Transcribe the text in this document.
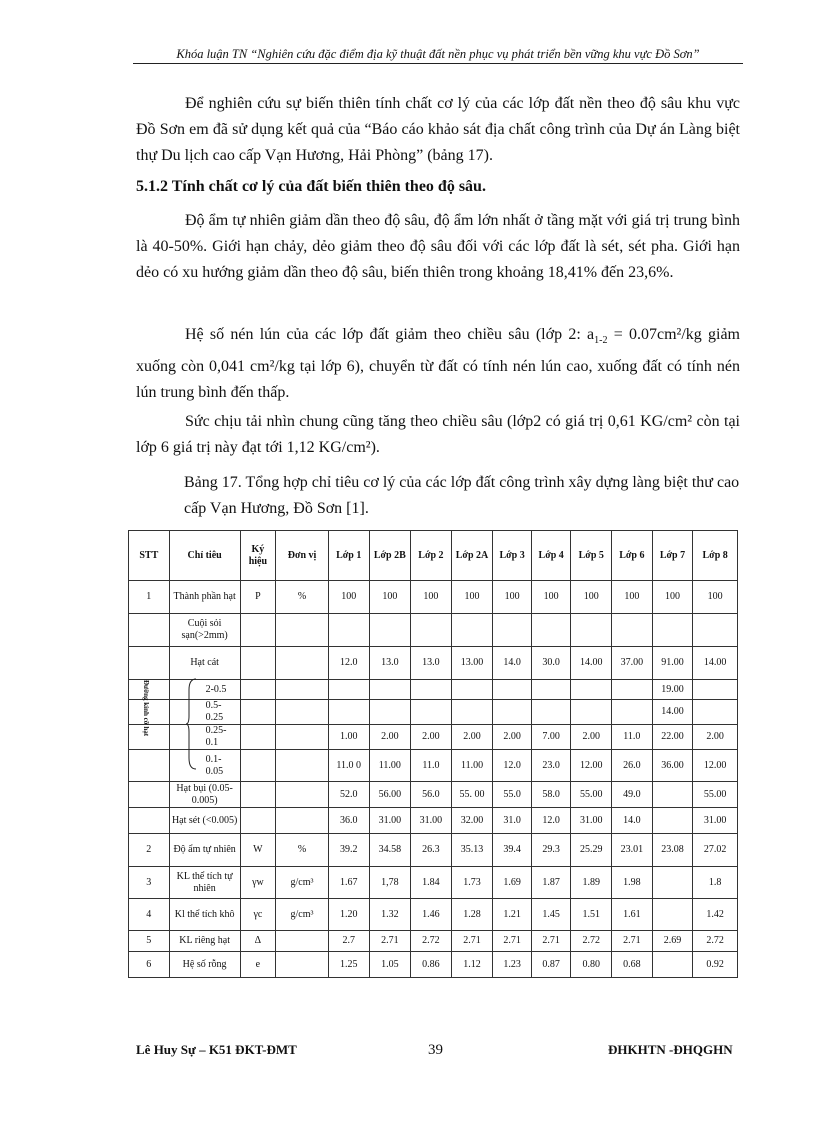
Khóa luận TN “Nghiên cứu đặc điểm địa kỹ thuật đất nền phục vụ phát triển bền vững khu vực Đồ Sơn”

Để nghiên cứu sự biến thiên tính chất cơ lý của các lớp đất nền theo độ sâu khu vực Đồ Sơn em đã sử dụng kết quả của “Báo cáo khảo sát địa chất công trình của Dự án Làng biệt thự Du lịch cao cấp Vạn Hương, Hải Phòng” (bảng 17).

5.1.2 Tính chất cơ lý của đất biến thiên theo độ sâu.

Độ ẩm tự nhiên giảm dần theo độ sâu, độ ẩm lớn nhất ở tầng mặt với giá trị trung bình là 40-50%. Giới hạn chảy, dẻo giảm theo độ sâu đối với các lớp đất là sét, sét pha. Giới hạn dẻo có xu hướng giảm dần theo độ sâu, biến thiên trong khoảng 18,41% đến 23,6%.

Hệ số nén lún của các lớp đất giảm theo chiều sâu (lớp 2: $a_{1-2} = 0.07cm^2/kg$ giảm xuống còn 0,041 cm²/kg tại lớp 6), chuyển từ đất có tính nén lún cao, xuống đất có tính nén lún trung bình đến thấp.

Sức chịu tải nhìn chung cũng tăng theo chiều sâu (lớp2 có giá trị 0,61 KG/cm² còn tại lớp 6 giá trị này đạt tới 1,12 KG/cm²).

Bảng 17. Tổng hợp chỉ tiêu cơ lý của các lớp đất công trình xây dựng làng biệt thư cao cấp Vạn Hương, Đồ Sơn [1].

STT	Chỉ tiêu	Ký hiệu	Đơn vị	Lớp 1	Lớp 2B	Lớp 2	Lớp 2A	Lớp 3	Lớp 4	Lớp 5	Lớp 6	Lớp 7	Lớp 8
1	Thành phần hạt	P	%	100	100	100	100	100	100	100	100	100	100
	Cuội sỏi sạn(>2mm)												
	Hạt cát			12.0	13.0	13.0	13.00	14.0	30.0	14.00	37.00	91.00	14.00
	2-0.5											19.00	
	0.5-0.25											14.00	
	0.25-0.1			1.00	2.00	2.00	2.00	2.00	7.00	2.00	11.0	22.00	2.00
	0.1-0.05			11.0 0	11.00	11.0	11.00	12.0	23.0	12.00	26.0	36.00	12.00
	Hạt bụi (0.05-0.005)			52.0	56.00	56.0	55. 00	55.0	58.0	55.00	49.0		55.00
	Hạt sét (<0.005)			36.0	31.00	31.00	32.00	31.0	12.0	31.00	14.0		31.00
2	Độ ẩm tự nhiên	W	%	39.2	34.58	26.3	35.13	39.4	29.3	25.29	23.01	23.08	27.02
3	KL thể tích tự nhiên	γw	g/cm³	1.67	1,78	1.84	1.73	1.69	1.87	1.89	1.98		1.8
4	Kl thể tích khô	γc	g/cm³	1.20	1.32	1.46	1.28	1.21	1.45	1.51	1.61		1.42
5	KL riêng hạt	Δ		2.7	2.71	2.72	2.71	2.71	2.71	2.72	2.71	2.69	2.72
6	Hệ số rỗng	e		1.25	1.05	0.86	1.12	1.23	0.87	0.80	0.68		0.92
Đường kính cỡ hạt
Lê Huy Sự – K51 ĐKT-ĐMT	39	ĐHKHTN -ĐHQGHN
